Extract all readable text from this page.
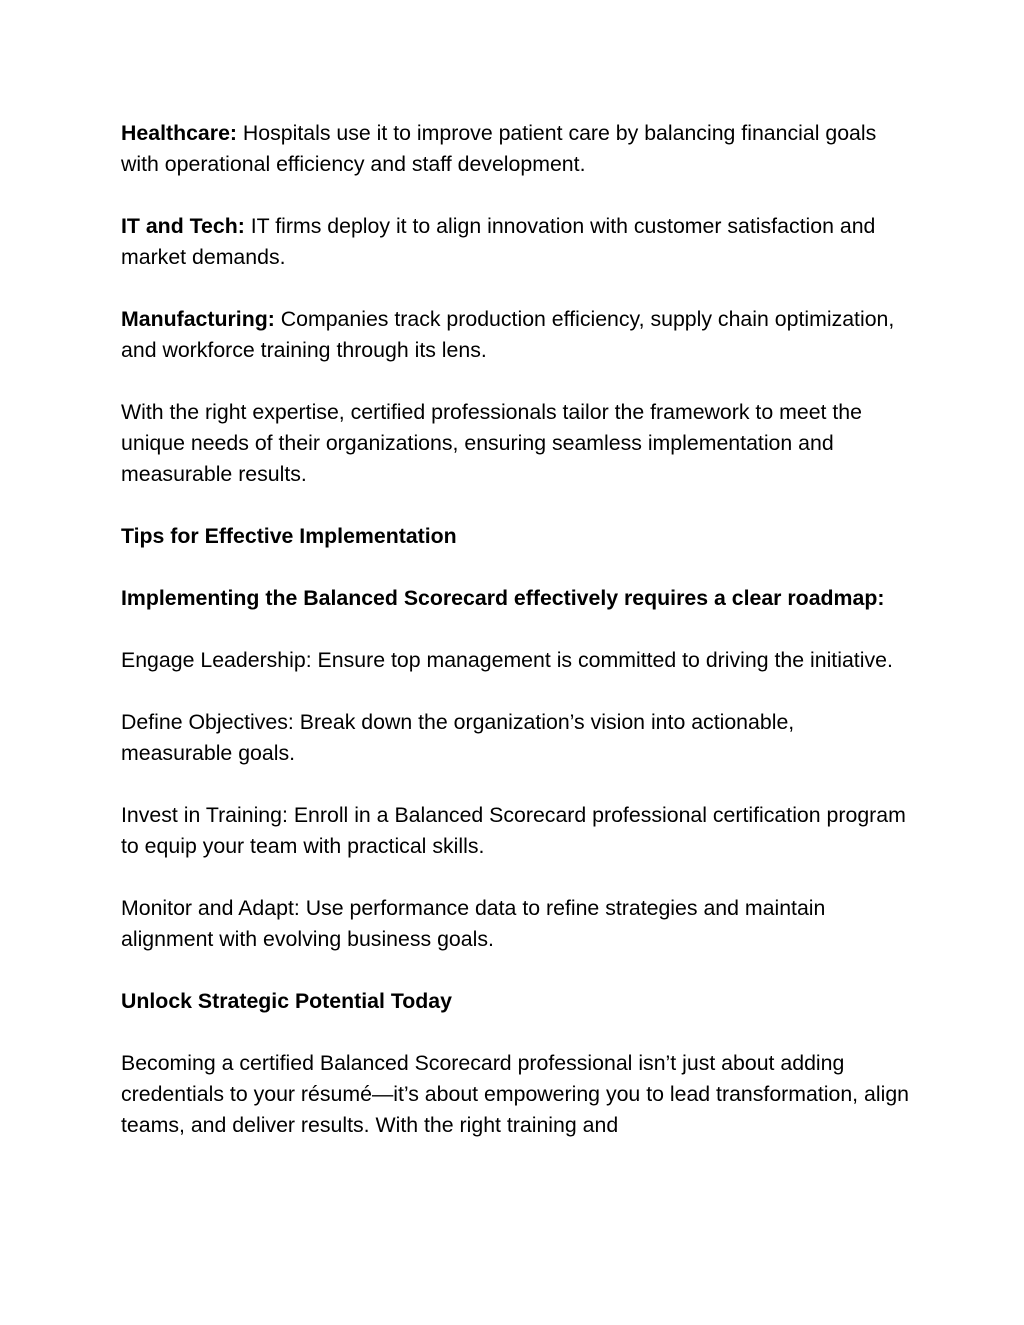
Healthcare: Hospitals use it to improve patient care by balancing financial goals with operational efficiency and staff development.

IT and Tech: IT firms deploy it to align innovation with customer satisfaction and market demands.

Manufacturing: Companies track production efficiency, supply chain optimization, and workforce training through its lens.

With the right expertise, certified professionals tailor the framework to meet the unique needs of their organizations, ensuring seamless implementation and measurable results.

Tips for Effective Implementation

Implementing the Balanced Scorecard effectively requires a clear roadmap:

Engage Leadership: Ensure top management is committed to driving the initiative.

Define Objectives: Break down the organization’s vision into actionable, measurable goals.

Invest in Training: Enroll in a Balanced Scorecard professional certification program to equip your team with practical skills.

Monitor and Adapt: Use performance data to refine strategies and maintain alignment with evolving business goals.

Unlock Strategic Potential Today

Becoming a certified Balanced Scorecard professional isn’t just about adding credentials to your résumé—it’s about empowering you to lead transformation, align teams, and deliver results. With the right training and
